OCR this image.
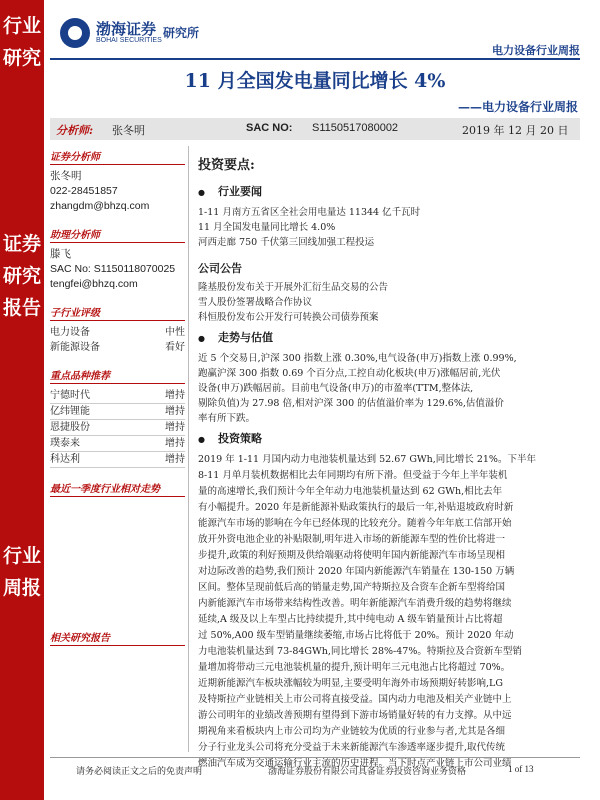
行业研究
证券研究报告
行业周报
渤海证券
BOHAI SECURITIES
研究所
电力设备行业周报
11 月全国发电量同比增长 4%
——电力设备行业周报
分析师: 张冬明	SAC NO: S1150517080002	2019 年 12 月 20 日
证券分析师
张冬明
022-28451857
zhangdm@bhzq.com
助理分析师
滕飞
SAC No: S1150118070025
tengfei@bhzq.com
子行业评级
电力设备	中性
新能源设备	看好
重点品种推荐
宁德时代	增持
亿纬锂能	增持
恩捷股份	增持
璞泰来	增持
科达利	增持
最近一季度行业相对走势
相关研究报告
投资要点:
● 行业要闻
1-11 月南方五省区全社会用电量达 11344 亿千瓦时
11 月全国发电量同比增长 4.0%
河西走廊 750 千伏第三回线加强工程投运
公司公告
隆基股份发布关于开展外汇衍生品交易的公告
雪人股份签署战略合作协议
科恒股份发布公开发行可转换公司债券预案
● 走势与估值
近 5 个交易日,沪深 300 指数上涨 0.30%,电气设备(申万)指数上涨 0.99%,
跑赢沪深 300 指数 0.69 个百分点,工控自动化板块(申万)涨幅居前,光伏
设备(申万)跌幅居前。目前电气设备(申万)的市盈率(TTM,整体法,
剔除负值)为 27.98 倍,相对沪深 300 的估值溢价率为 129.6%,估值溢价
率有所下跌。
● 投资策略
2019 年 1-11 月国内动力电池装机量达到 52.67 GWh,同比增长 21%。下半年
8-11 月单月装机数据相比去年同期均有所下滑。但受益于今年上半年装机
量的高速增长,我们预计今年全年动力电池装机量达到 62 GWh,相比去年
有小幅提升。2020 年是新能源补贴政策执行的最后一年,补贴退坡政府时新
能源汽车市场的影响在今年已经体现的比较充分。随着今年年底工信部开始
放开外资电池企业的补贴限制,明年进入市场的新能源车型的性价比将进一
步提升,政策的利好预期及供给端驱动将使明年国内新能源汽车市场呈现相
对边际改善的趋势,我们预计 2020 年国内新能源汽车销量在 130-150 万辆
区间。整体呈现前低后高的销量走势,国产特斯拉及合资车企新车型将给国
内新能源汽车市场带来结构性改善。明年新能源汽车消费升级的趋势将继续
延续,A 级及以上车型占比持续提升,其中纯电动 A 级车销量预计占比将超
过 50%,A00 级车型销量继续萎缩,市场占比将低于 20%。预计 2020 年动
力电池装机量达到 73-84GWh,同比增长 28%-47%。特斯拉及合资新车型销
量增加将带动三元电池装机量的提升,预计明年三元电池占比将超过 70%。
近期新能源汽车板块涨幅较为明显,主要受明年海外市场预期好转影响,LG
及特斯拉产业链相关上市公司将直接受益。国内动力电池及相关产业链中上
游公司明年的业绩改善预期有望得到下游市场销量好转的有力支撑。从中远
期视角来看板块内上市公司均为产业链较为优质的行业参与者,尤其是各细
分子行业龙头公司将充分受益于未来新能源汽车渗透率逐步提升,取代传统
燃油汽车成为交通运输行业主流的历史进程。当下时点产业链上市公司业绩
请务必阅读正文之后的免责声明	渤海证券股份有限公司具备证券投资咨询业务资格	1 of 13
